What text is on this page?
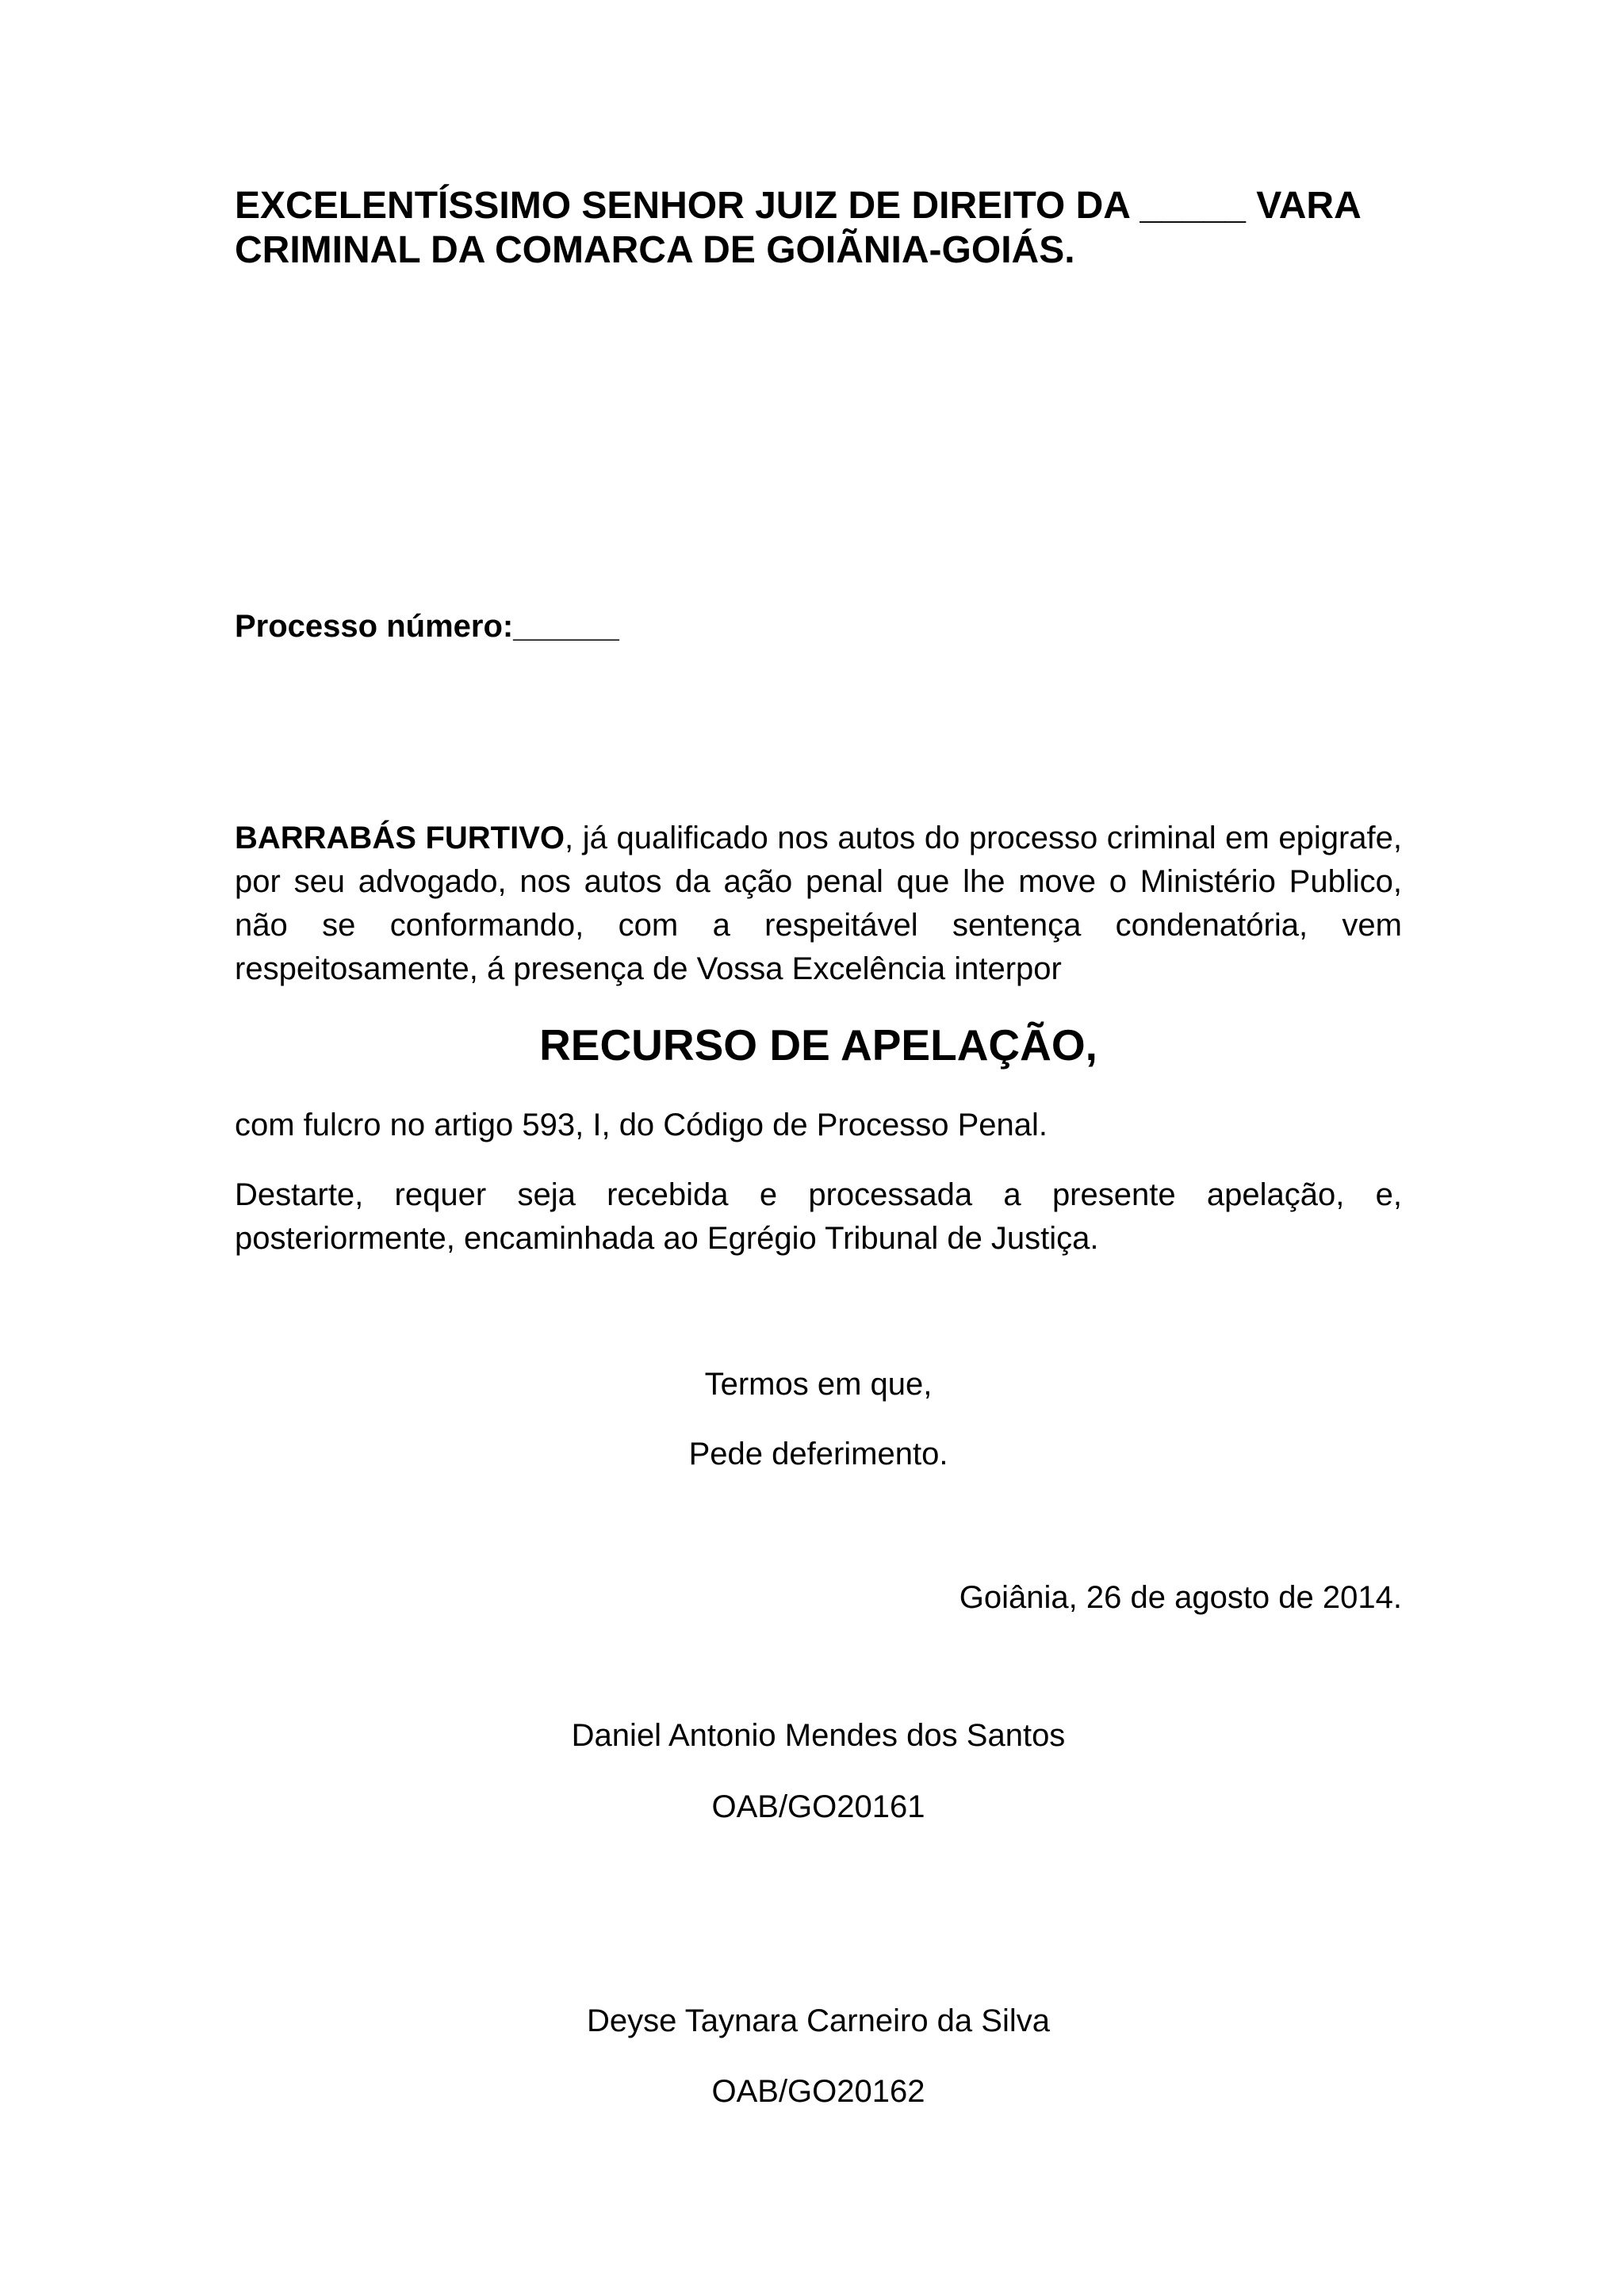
EXCELENTÍSSIMO SENHOR JUIZ DE DIREITO DA _____ VARA
CRIMINAL DA COMARCA DE GOIÃNIA-GOIÁS.
Processo número:______

BARRABÁS FURTIVO, já qualificado nos autos do processo criminal em epigrafe, por seu advogado, nos autos da ação penal que lhe move o Ministério Publico, não se conformando, com a respeitável sentença condenatória, vem respeitosamente, á presença de Vossa Excelência interpor

RECURSO DE APELAÇÃO,

com fulcro no artigo 593, I, do Código de Processo Penal.

Destarte, requer seja recebida e processada a presente apelação, e, posteriormente, encaminhada ao Egrégio Tribunal de Justiça.

Termos em que,
Pede deferimento.
Goiânia, 26 de agosto de 2014.
Daniel Antonio Mendes dos Santos
OAB/GO20161
Deyse Taynara Carneiro da Silva
OAB/GO20162
